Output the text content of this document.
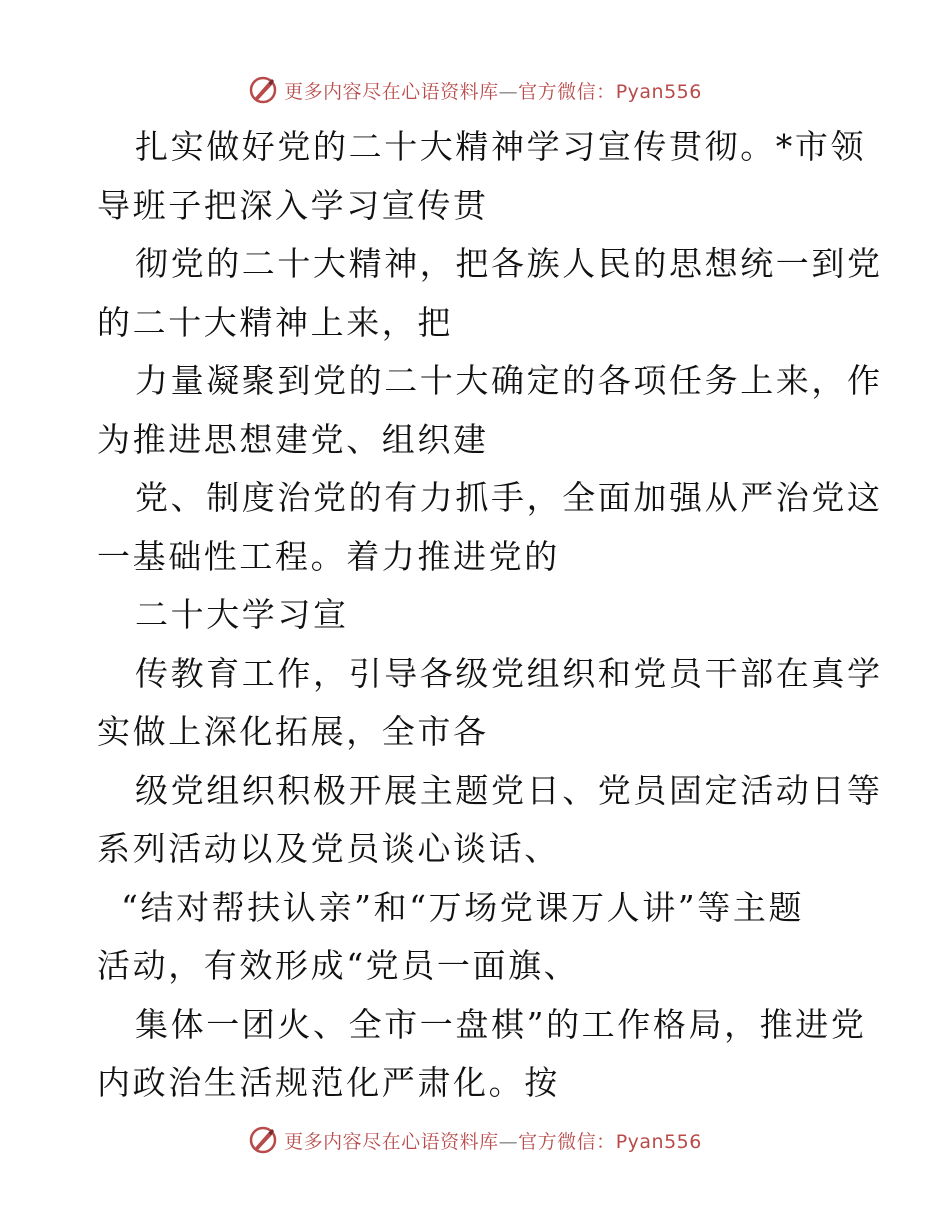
更多内容尽在心语资料库—官方微信：Pyan556
扎实做好党的二十大精神学习宣传贯彻。*市领
导班子把深入学习宣传贯
彻党的二十大精神，把各族人民的思想统一到党
的二十大精神上来，把
力量凝聚到党的二十大确定的各项任务上来，作
为推进思想建党、组织建
党、制度治党的有力抓手，全面加强从严治党这
一基础性工程。着力推进党的
二十大学习宣
传教育工作，引导各级党组织和党员干部在真学
实做上深化拓展，全市各
级党组织积极开展主题党日、党员固定活动日等
系列活动以及党员谈心谈话、
“结对帮扶认亲”和“万场党课万人讲”等主题
活动，有效形成“党员一面旗、
集体一团火、全市一盘棋”的工作格局，推进党
内政治生活规范化严肃化。按
更多内容尽在心语资料库—官方微信：Pyan556
